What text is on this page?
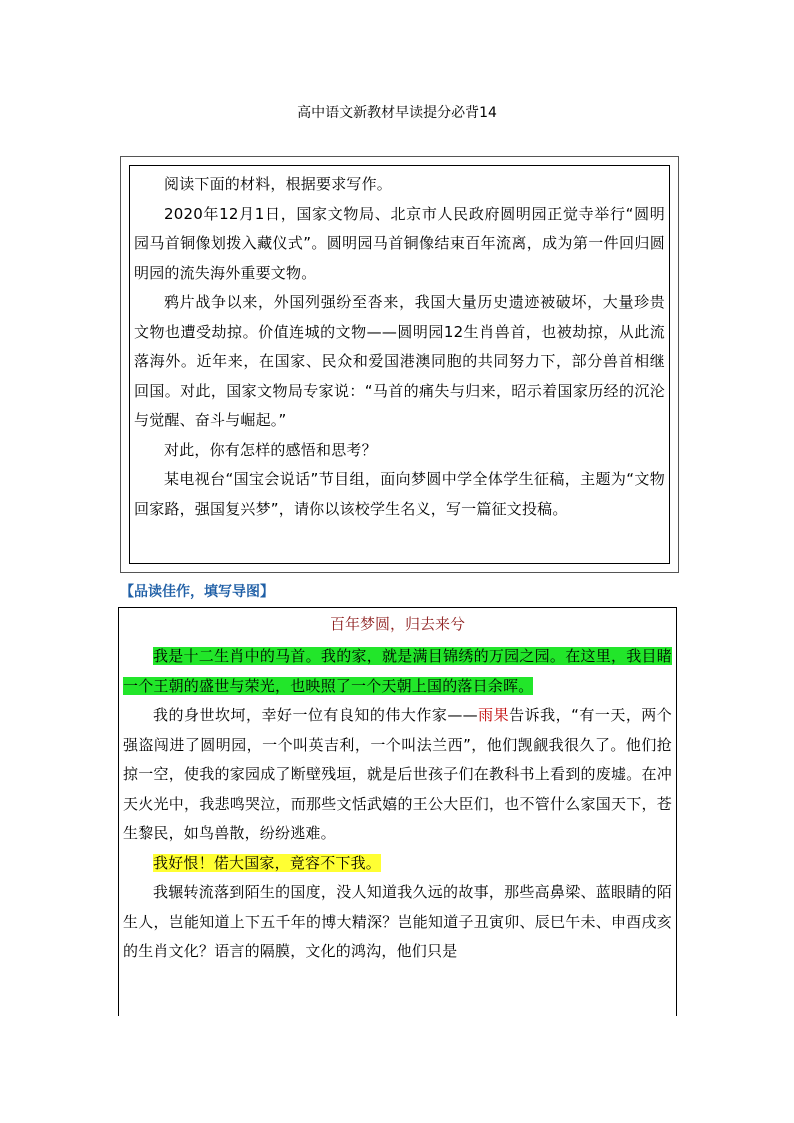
高中语文新教材早读提分必背14

阅读下面的材料，根据要求写作。

2020年12月1日，国家文物局、北京市人民政府圆明园正觉寺举行“圆明园马首铜像划拨入藏仪式”。圆明园马首铜像结束百年流离，成为第一件回归圆明园的流失海外重要文物。

鸦片战争以来，外国列强纷至沓来，我国大量历史遗迹被破坏，大量珍贵文物也遭受劫掠。价值连城的文物——圆明园12生肖兽首，也被劫掠，从此流落海外。近年来，在国家、民众和爱国港澳同胞的共同努力下，部分兽首相继回国。对此，国家文物局专家说：“马首的痛失与归来，昭示着国家历经的沉沦与觉醒、奋斗与崛起。”

对此，你有怎样的感悟和思考？

某电视台“国宝会说话”节目组，面向梦圆中学全体学生征稿，主题为“文物回家路，强国复兴梦”，请你以该校学生名义，写一篇征文投稿。

【品读佳作，填写导图】
百年梦圆，归去来兮

我是十二生肖中的马首。我的家，就是满目锦绣的万园之园。在这里，我目睹一个王朝的盛世与荣光，也映照了一个天朝上国的落日余晖。

我的身世坎坷，幸好一位有良知的伟大作家——雨果告诉我，“有一天，两个强盗闯进了圆明园，一个叫英吉利，一个叫法兰西”，他们觊觎我很久了。他们抢掠一空，使我的家园成了断壁残垣，就是后世孩子们在教科书上看到的废墟。在冲天火光中，我悲鸣哭泣，而那些文恬武嬉的王公大臣们，也不管什么家国天下，苍生黎民，如鸟兽散，纷纷逃难。

我好恨！偌大国家，竟容不下我。

我辗转流落到陌生的国度，没人知道我久远的故事，那些高鼻梁、蓝眼睛的陌生人，岂能知道上下五千年的博大精深？岂能知道子丑寅卯、辰巳午未、申酉戌亥的生肖文化？语言的隔膜，文化的鸿沟，他们只是
